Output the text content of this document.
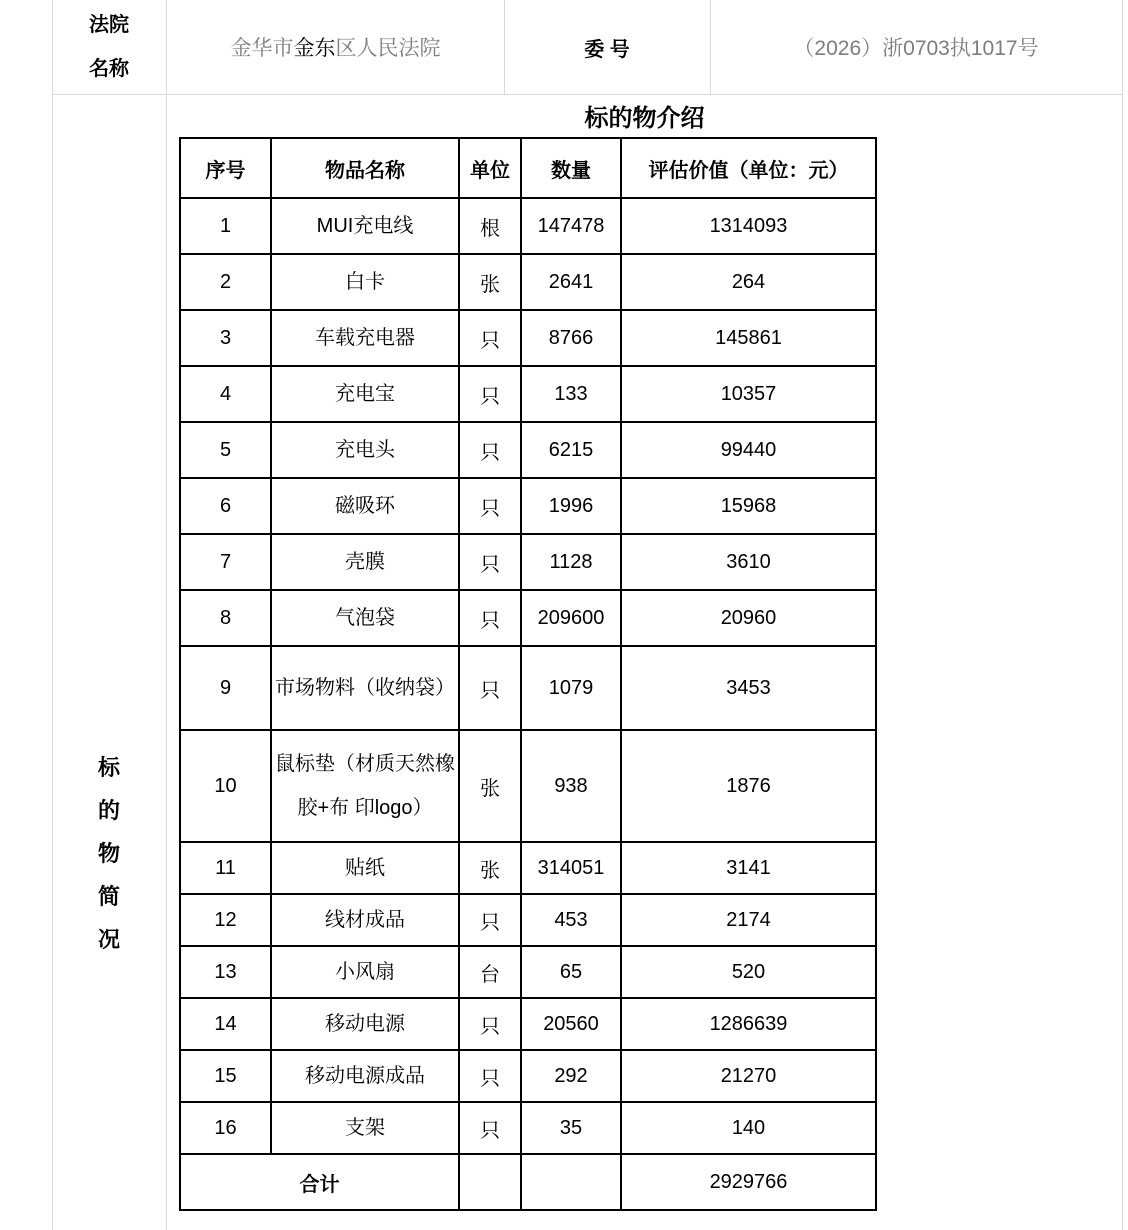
法院名称
金华市 金东 区人民法院	委 号	（2026）浙0703执1017号
标的物简况
标的物介绍
序号	物品名称	单位	数量	评估价值（单位：元）
1	MUI充电线	根	147478	1314093
2	白卡	张	2641	264
3	车载充电器	只	8766	145861
4	充电宝	只	133	10357
5	充电头	只	6215	99440
6	磁吸环	只	1996	15968
7	壳膜	只	1128	3610
8	气泡袋	只	209600	20960
9	市场物料（收纳袋）	只	1079	3453
10	鼠标垫（材质天然橡胶+布 印logo）	张	938	1876
11	贴纸	张	314051	3141
12	线材成品	只	453	2174
13	小风扇	台	65	520
14	移动电源	只	20560	1286639
15	移动电源成品	只	292	21270
16	支架	只	35	140
合计				2929766
